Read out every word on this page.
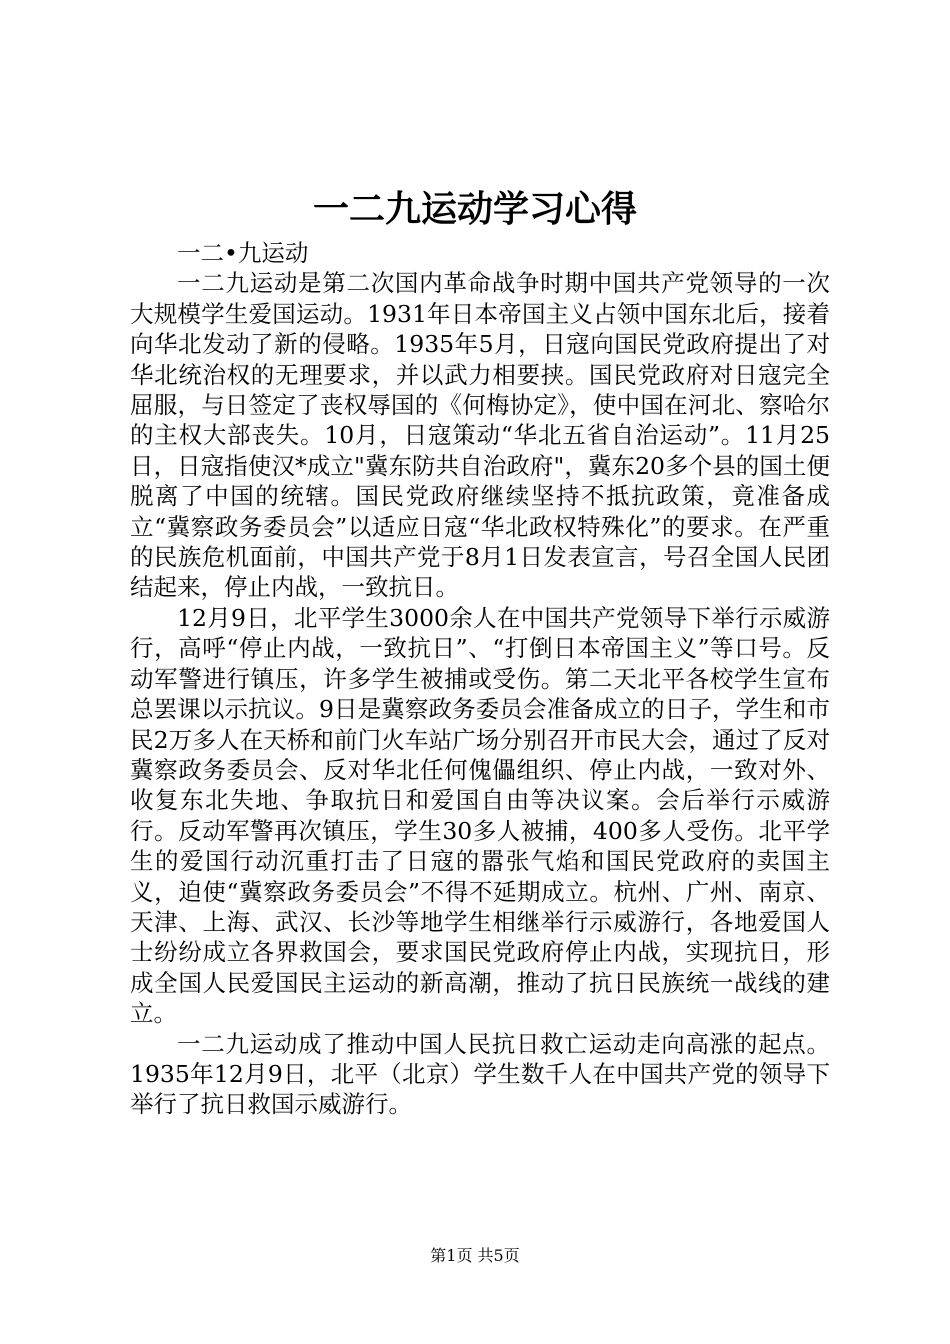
一二九运动学习心得

一二•九运动

一二九运动是第二次国内革命战争时期中国共产党领导的一次大规模学生爱国运动。1931年日本帝国主义占领中国东北后，接着向华北发动了新的侵略。1935年5月，日寇向国民党政府提出了对华北统治权的无理要求，并以武力相要挟。国民党政府对日寇完全屈服，与日签定了丧权辱国的《何梅协定》，使中国在河北、察哈尔的主权大部丧失。10月，日寇策动“华北五省自治运动”。11月25日，日寇指使汉*成立"冀东防共自治政府"，冀东20多个县的国土便脱离了中国的统辖。国民党政府继续坚持不抵抗政策，竟准备成立“冀察政务委员会”以适应日寇“华北政权特殊化”的要求。在严重的民族危机面前，中国共产党于8月1日发表宣言，号召全国人民团结起来，停止内战，一致抗日。

12月9日，北平学生3000余人在中国共产党领导下举行示威游行，高呼“停止内战，一致抗日”、“打倒日本帝国主义”等口号。反动军警进行镇压，许多学生被捕或受伤。第二天北平各校学生宣布总罢课以示抗议。9日是冀察政务委员会准备成立的日子，学生和市民2万多人在天桥和前门火车站广场分别召开市民大会，通过了反对冀察政务委员会、反对华北任何傀儡组织、停止内战，一致对外、收复东北失地、争取抗日和爱国自由等决议案。会后举行示威游行。反动军警再次镇压，学生30多人被捕，400多人受伤。北平学生的爱国行动沉重打击了日寇的嚣张气焰和国民党政府的卖国主义，迫使“冀察政务委员会”不得不延期成立。杭州、广州、南京、天津、上海、武汉、长沙等地学生相继举行示威游行，各地爱国人士纷纷成立各界救国会，要求国民党政府停止内战，实现抗日，形成全国人民爱国民主运动的新高潮，推动了抗日民族统一战线的建立。

一二九运动成了推动中国人民抗日救亡运动走向高涨的起点。1935年12月9日，北平（北京）学生数千人在中国共产党的领导下举行了抗日救国示威游行。

第1页 共5页
